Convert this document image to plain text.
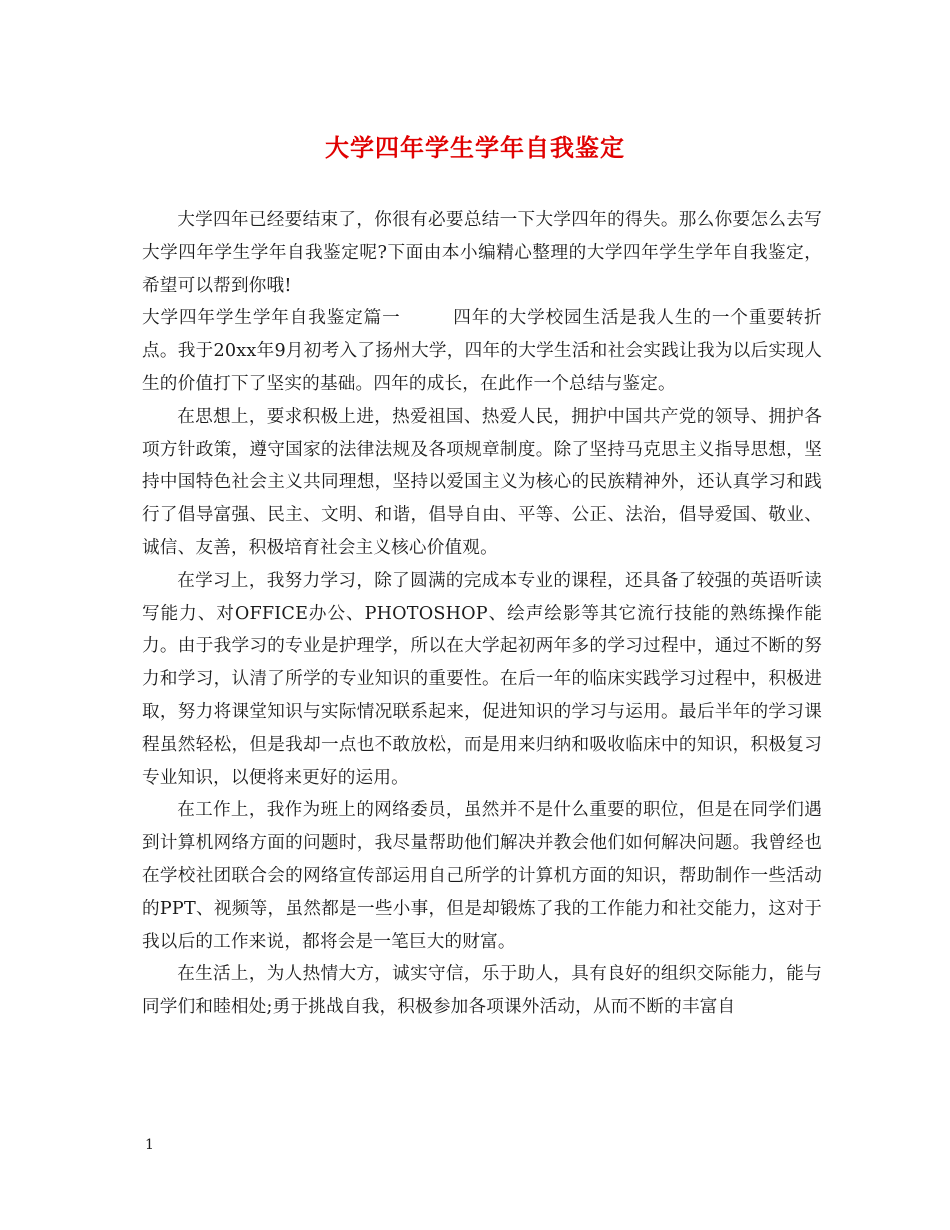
大学四年学生学年自我鉴定

大学四年已经要结束了，你很有必要总结一下大学四年的得失。那么你要怎么去写大学四年学生学年自我鉴定呢?下面由本小编精心整理的大学四年学生学年自我鉴定，希望可以帮到你哦!

大学四年学生学年自我鉴定篇一	四年的大学校园生活是我人生的一个重要转折点。我于20xx年9月初考入了扬州大学，四年的大学生活和社会实践让我为以后实现人生的价值打下了坚实的基础。四年的成长，在此作一个总结与鉴定。

在思想上，要求积极上进，热爱祖国、热爱人民，拥护中国共产党的领导、拥护各项方针政策，遵守国家的法律法规及各项规章制度。除了坚持马克思主义指导思想，坚持中国特色社会主义共同理想，坚持以爱国主义为核心的民族精神外，还认真学习和践行了倡导富强、民主、文明、和谐，倡导自由、平等、公正、法治，倡导爱国、敬业、诚信、友善，积极培育社会主义核心价值观。

在学习上，我努力学习，除了圆满的完成本专业的课程，还具备了较强的英语听读写能力、对OFFICE办公、PHOTOSHOP、绘声绘影等其它流行技能的熟练操作能力。由于我学习的专业是护理学，所以在大学起初两年多的学习过程中，通过不断的努力和学习，认清了所学的专业知识的重要性。在后一年的临床实践学习过程中，积极进取，努力将课堂知识与实际情况联系起来，促进知识的学习与运用。最后半年的学习课程虽然轻松，但是我却一点也不敢放松，而是用来归纳和吸收临床中的知识，积极复习专业知识，以便将来更好的运用。

在工作上，我作为班上的网络委员，虽然并不是什么重要的职位，但是在同学们遇到计算机网络方面的问题时，我尽量帮助他们解决并教会他们如何解决问题。我曾经也在学校社团联合会的网络宣传部运用自己所学的计算机方面的知识，帮助制作一些活动的PPT、视频等，虽然都是一些小事，但是却锻炼了我的工作能力和社交能力，这对于我以后的工作来说，都将会是一笔巨大的财富。

在生活上，为人热情大方，诚实守信，乐于助人，具有良好的组织交际能力，能与同学们和睦相处;勇于挑战自我，积极参加各项课外活动，从而不断的丰富自

1
